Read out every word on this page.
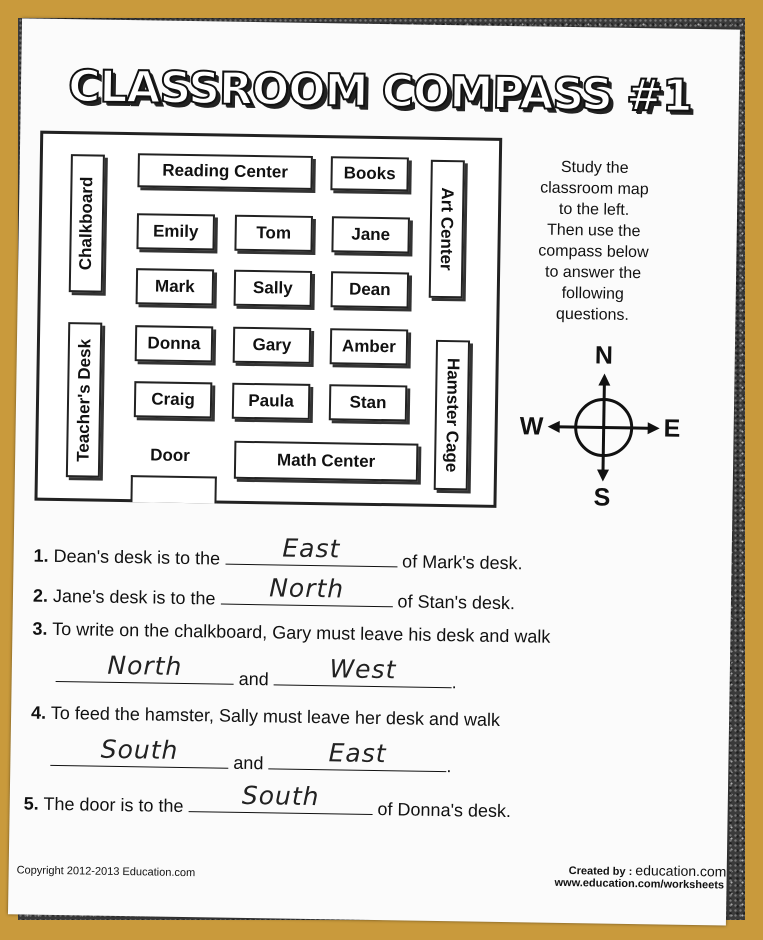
CLASSROOM COMPASS #1
Reading Center	Books
Chalkboard	Art Center
Emily	Tom	Jane
Mark	Sally	Dean
Teacher's Desk	Hamster Cage
Donna	Gary	Amber
Craig	Paula	Stan
Door	Math Center
Study the
classroom map
to the left.
Then use the
compass below
to answer the
following
questions.
N
S
E
W
1. Dean's desk is to the	East	of Mark's desk.
2. Jane's desk is to the	North	of Stan's desk.
3. To write on the chalkboard, Gary must leave his desk and walk
North	and	West	.
4. To feed the hamster, Sally must leave her desk and walk
South	and	East	.
5. The door is to the	South	of Donna's desk.
Copyright 2012-2013 Education.com	Created by : education.com
www.education.com/worksheets
